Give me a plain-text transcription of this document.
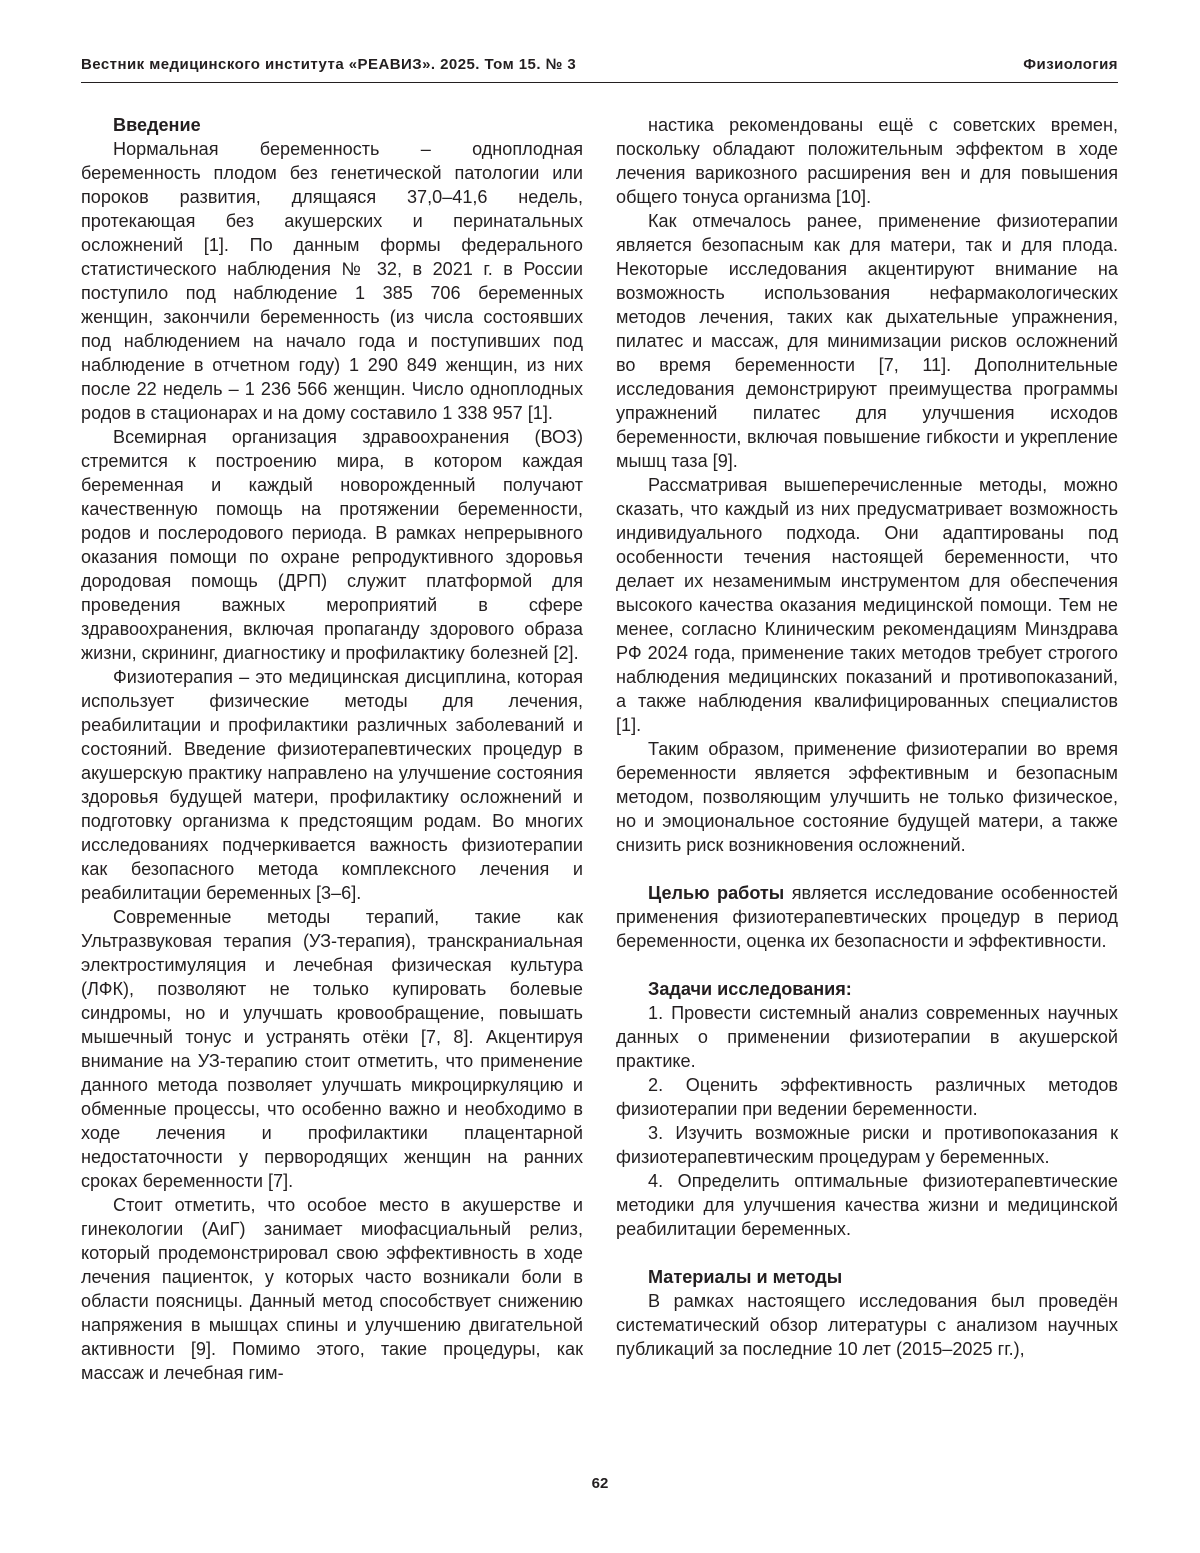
Вестник медицинского института «РЕАВИЗ». 2025. Том 15. № 3	Физиология

Введение

Нормальная беременность – одноплодная беременность плодом без генетической патологии или пороков развития, длящаяся 37,0–41,6 недель, протекающая без акушерских и перинатальных осложнений [1]. По данным формы федерального статистического наблюдения № 32, в 2021 г. в России поступило под наблюдение 1 385 706 беременных женщин, закончили беременность (из числа состоявших под наблюдением на начало года и поступивших под наблюдение в отчетном году) 1 290 849 женщин, из них после 22 недель – 1 236 566 женщин. Число одноплодных родов в стационарах и на дому составило 1 338 957 [1].

Всемирная организация здравоохранения (ВОЗ) стремится к построению мира, в котором каждая беременная и каждый новорожденный получают качественную помощь на протяжении беременности, родов и послеродового периода. В рамках непрерывного оказания помощи по охране репродуктивного здоровья дородовая помощь (ДРП) служит платформой для проведения важных мероприятий в сфере здравоохранения, включая пропаганду здорового образа жизни, скрининг, диагностику и профилактику болезней [2].

Физиотерапия – это медицинская дисциплина, которая использует физические методы для лечения, реабилитации и профилактики различных заболеваний и состояний. Введение физиотерапевтических процедур в акушерскую практику направлено на улучшение состояния здоровья будущей матери, профилактику осложнений и подготовку организма к предстоящим родам. Во многих исследованиях подчеркивается важность физиотерапии как безопасного метода комплексного лечения и реабилитации беременных [3–6].

Современные методы терапий, такие как Ультразвуковая терапия (УЗ-терапия), транскраниальная электростимуляция и лечебная физическая культура (ЛФК), позволяют не только купировать болевые синдромы, но и улучшать кровообращение, повышать мышечный тонус и устранять отёки [7, 8]. Акцентируя внимание на УЗ-терапию стоит отметить, что применение данного метода позволяет улучшать микроциркуляцию и обменные процессы, что особенно важно и необходимо в ходе лечения и профилактики плацентарной недостаточности у первородящих женщин на ранних сроках беременности [7].

Стоит отметить, что особое место в акушерстве и гинекологии (АиГ) занимает миофасциальный релиз, который продемонстрировал свою эффективность в ходе лечения пациенток, у которых часто возникали боли в области поясницы. Данный метод способствует снижению напряжения в мышцах спины и улучшению двигательной активности [9]. Помимо этого, такие процедуры, как массаж и лечебная гим-

настика рекомендованы ещё с советских времен, поскольку обладают положительным эффектом в ходе лечения варикозного расширения вен и для повышения общего тонуса организма [10].

Как отмечалось ранее, применение физиотерапии является безопасным как для матери, так и для плода. Некоторые исследования акцентируют внимание на возможность использования нефармакологических методов лечения, таких как дыхательные упражнения, пилатес и массаж, для минимизации рисков осложнений во время беременности [7, 11]. Дополнительные исследования демонстрируют преимущества программы упражнений пилатес для улучшения исходов беременности, включая повышение гибкости и укрепление мышц таза [9].

Рассматривая вышеперечисленные методы, можно сказать, что каждый из них предусматривает возможность индивидуального подхода. Они адаптированы под особенности течения настоящей беременности, что делает их незаменимым инструментом для обеспечения высокого качества оказания медицинской помощи. Тем не менее, согласно Клиническим рекомендациям Минздрава РФ 2024 года, применение таких методов требует строгого наблюдения медицинских показаний и противопоказаний, а также наблюдения квалифицированных специалистов [1].

Таким образом, применение физиотерапии во время беременности является эффективным и безопасным методом, позволяющим улучшить не только физическое, но и эмоциональное состояние будущей матери, а также снизить риск возникновения осложнений.

Целью работы является исследование особенностей применения физиотерапевтических процедур в период беременности, оценка их безопасности и эффективности.

Задачи исследования:

1. Провести системный анализ современных научных данных о применении физиотерапии в акушерской практике.

2. Оценить эффективность различных методов физиотерапии при ведении беременности.

3. Изучить возможные риски и противопоказания к физиотерапевтическим процедурам у беременных.

4. Определить оптимальные физиотерапевтические методики для улучшения качества жизни и медицинской реабилитации беременных.

Материалы и методы

В рамках настоящего исследования был проведён систематический обзор литературы с анализом научных публикаций за последние 10 лет (2015–2025 гг.),

62
